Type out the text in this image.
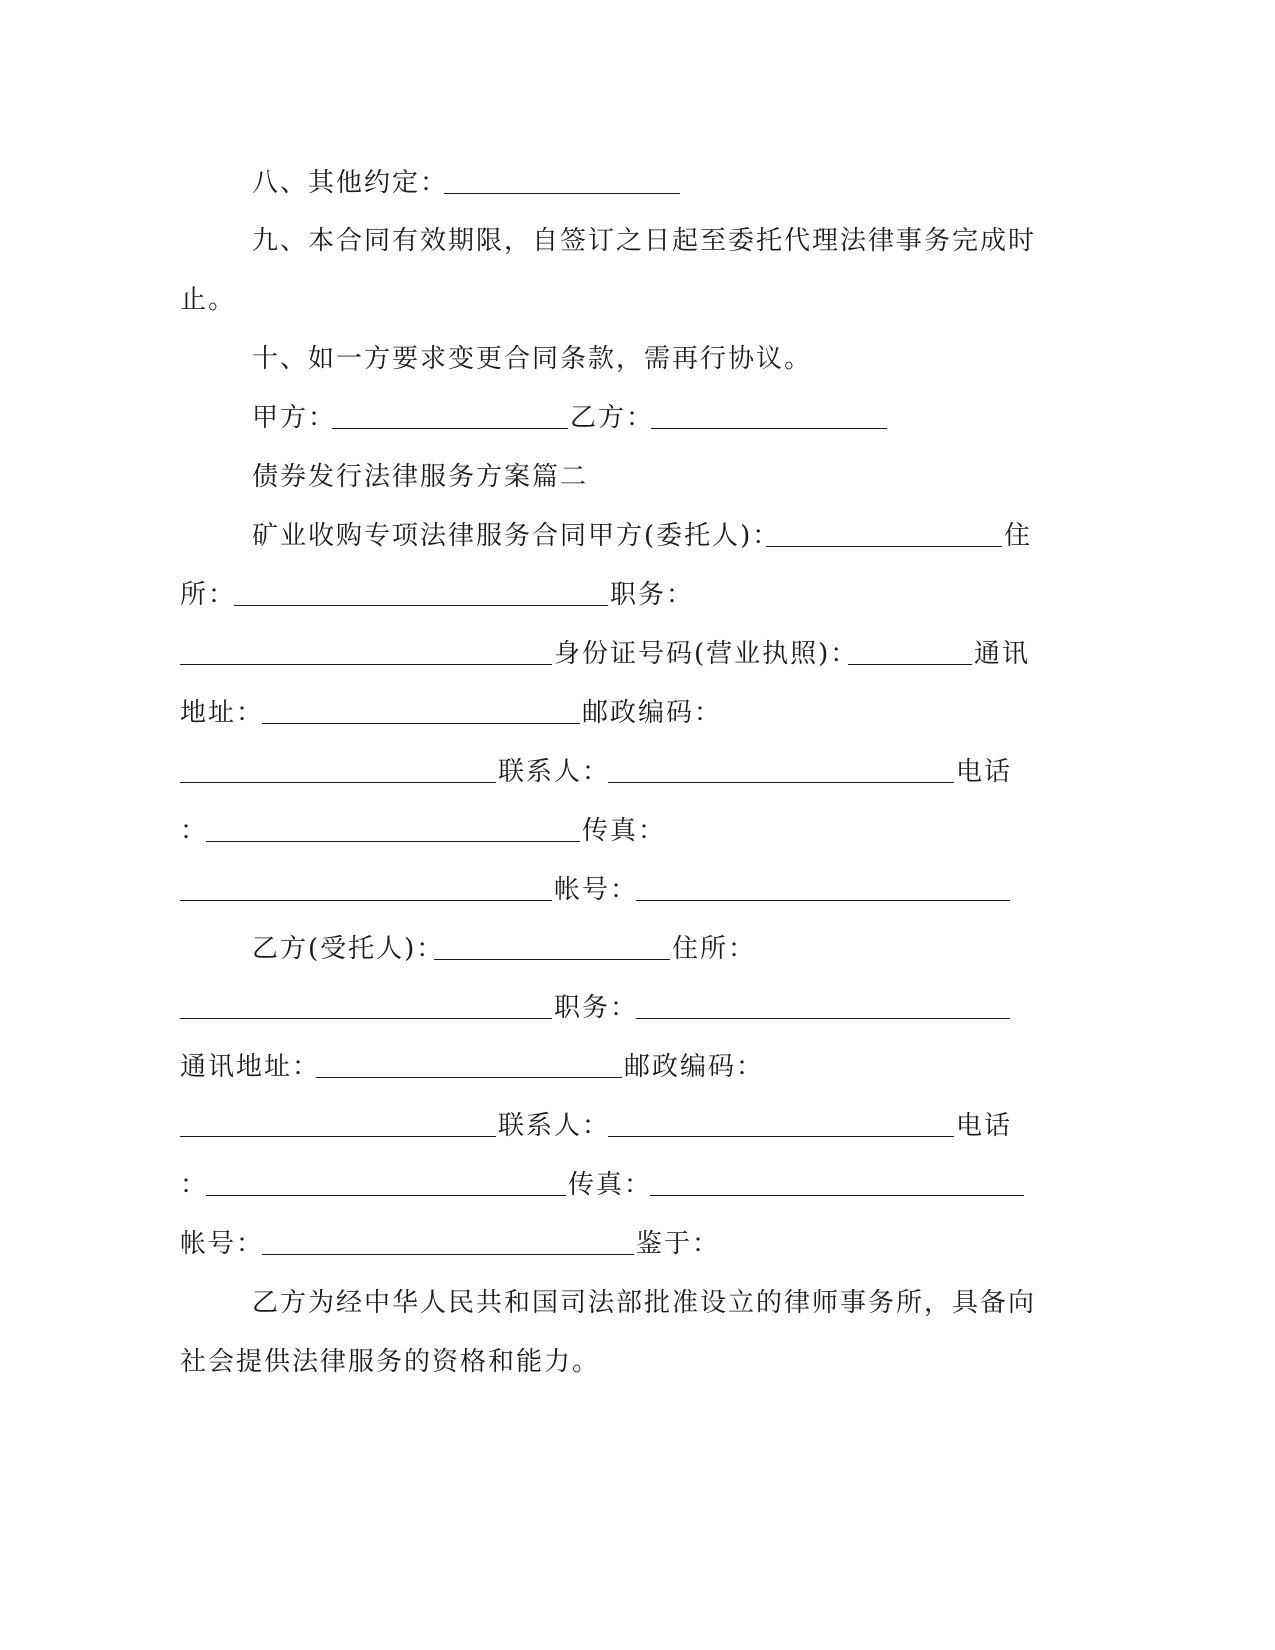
八、其他约定：
九、本合同有效期限，自签订之日起至委托代理法律事务完成时
止。
十、如一方要求变更合同条款，需再行协议。
甲方：	乙方：
债券发行法律服务方案篇二
矿业收购专项法律服务合同甲方(委托人)：	住
所：	职务：
身份证号码(营业执照)：	通讯
地址：	邮政编码：
联系人：	电话
：	传真：
帐号：
乙方(受托人)：	住所：
职务：
通讯地址：	邮政编码：
联系人：	电话
：	传真：
帐号：	鉴于：
乙方为经中华人民共和国司法部批准设立的律师事务所，具备向
社会提供法律服务的资格和能力。
